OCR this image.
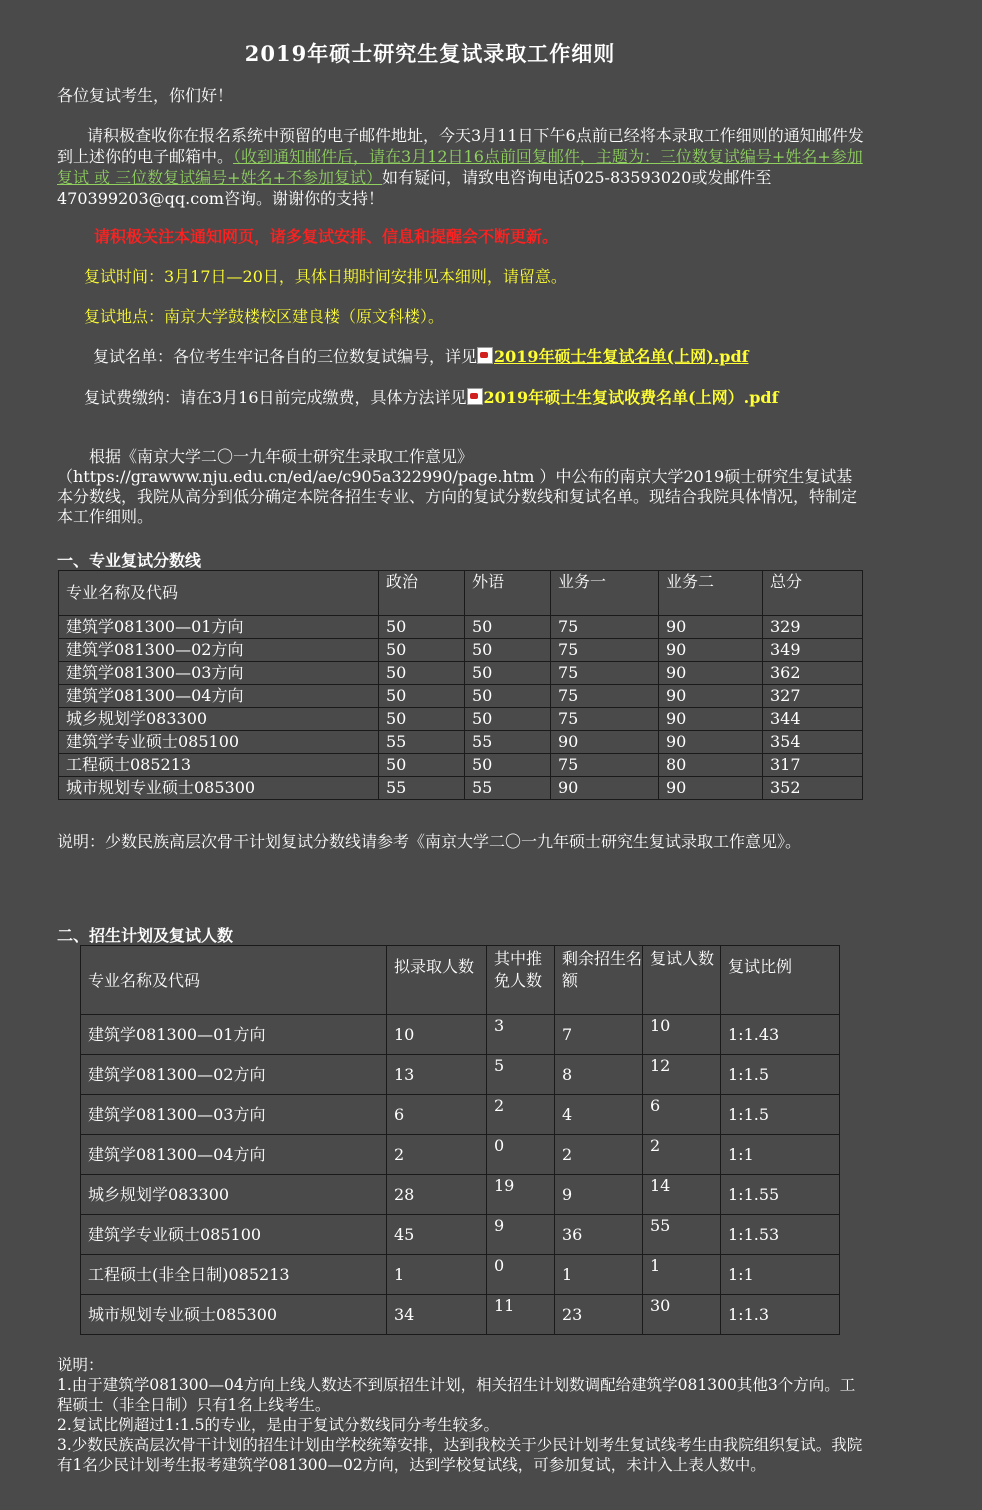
2019年硕士研究生复试录取工作细则
各位复试考生，你们好！
请积极查收你在报名系统中预留的电子邮件地址，今天3月11日下午6点前已经将本录取工作细则的通知邮件发到上述你的电子邮箱中。（收到通知邮件后，请在3月12日16点前回复邮件，主题为：三位数复试编号+姓名+参加复试 或 三位数复试编号+姓名+不参加复试）如有疑问，请致电咨询电话025-83593020或发邮件至470399203@qq.com咨询。谢谢你的支持！
请积极关注本通知网页，诸多复试安排、信息和提醒会不断更新。
复试时间：3月17日—20日，具体日期时间安排见本细则，请留意。
复试地点：南京大学鼓楼校区建良楼（原文科楼）。
复试名单：各位考生牢记各自的三位数复试编号，详见 2019年硕士生复试名单(上网).pdf
复试费缴纳：请在3月16日前完成缴费，具体方法详见 2019年硕士生复试收费名单(上网）.pdf
根据《南京大学二〇一九年硕士研究生录取工作意见》（https://grawww.nju.edu.cn/ed/ae/c905a322990/page.htm ）中公布的南京大学2019硕士研究生复试基本分数线，我院从高分到低分确定本院各招生专业、方向的复试分数线和复试名单。现结合我院具体情况，特制定本工作细则。
一、专业复试分数线
专业名称及代码	政治	外语	业务一	业务二	总分
建筑学081300—01方向	50	50	75	90	329
建筑学081300—02方向	50	50	75	90	349
建筑学081300—03方向	50	50	75	90	362
建筑学081300—04方向	50	50	75	90	327
城乡规划学083300	50	50	75	90	344
建筑学专业硕士085100	55	55	90	90	354
工程硕士085213	50	50	75	80	317
城市规划专业硕士085300	55	55	90	90	352
说明：少数民族高层次骨干计划复试分数线请参考《南京大学二〇一九年硕士研究生复试录取工作意见》。
二、招生计划及复试人数
专业名称及代码	拟录取人数	其中推免人数	剩余招生名额	复试人数	复试比例
建筑学081300—01方向	10	3	7	10	1:1.43
建筑学081300—02方向	13	5	8	12	1:1.5
建筑学081300—03方向	6	2	4	6	1:1.5
建筑学081300—04方向	2	0	2	2	1:1
城乡规划学083300	28	19	9	14	1:1.55
建筑学专业硕士085100	45	9	36	55	1:1.53
工程硕士(非全日制)085213	1	0	1	1	1:1
城市规划专业硕士085300	34	11	23	30	1:1.3
说明：
1.由于建筑学081300—04方向上线人数达不到原招生计划，相关招生计划数调配给建筑学081300其他3个方向。工程硕士（非全日制）只有1名上线考生。
2.复试比例超过1:1.5的专业，是由于复试分数线同分考生较多。
3.少数民族高层次骨干计划的招生计划由学校统筹安排，达到我校关于少民计划考生复试线考生由我院组织复试。我院有1名少民计划考生报考建筑学081300—02方向，达到学校复试线，可参加复试，未计入上表人数中。
